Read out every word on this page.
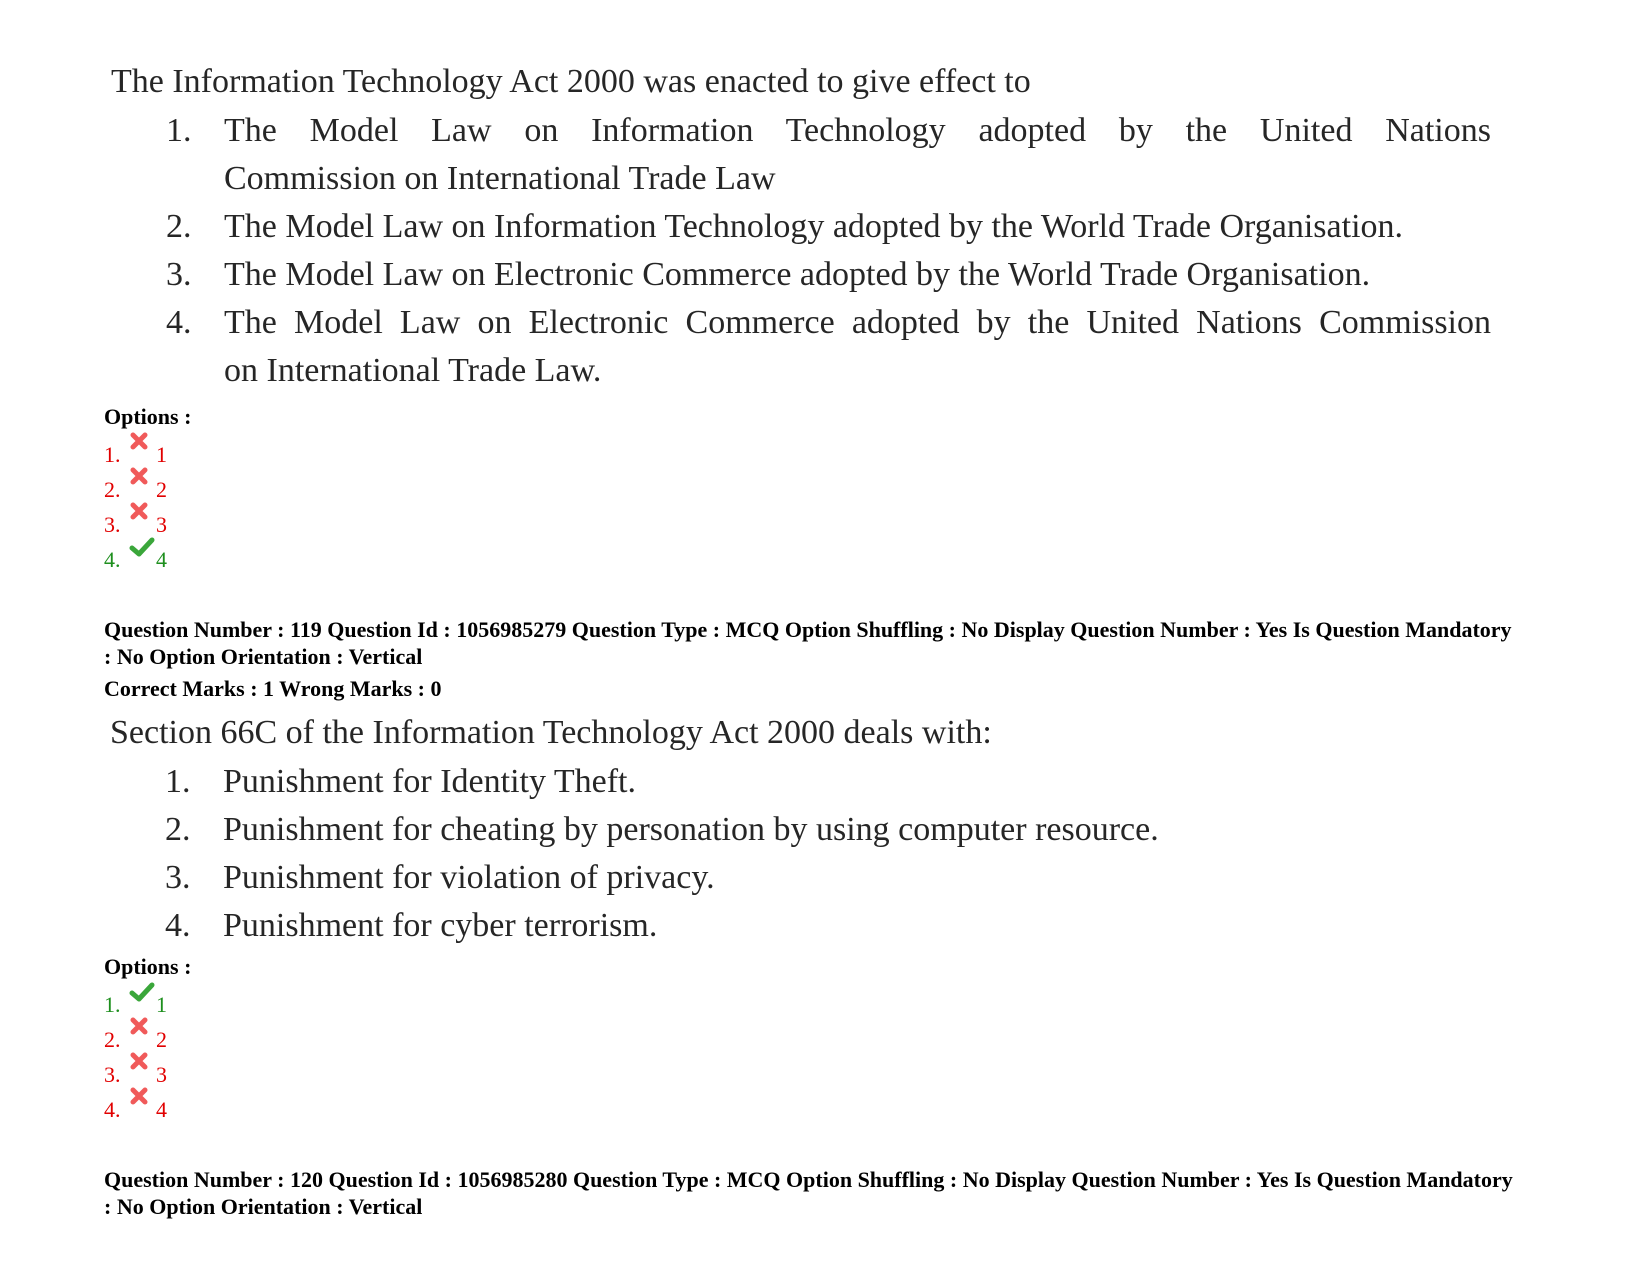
The Information Technology Act 2000 was enacted to give effect to

1. The Model Law on Information Technology adopted by the United Nations
Commission on International Trade Law
2. The Model Law on Information Technology adopted by the World Trade Organisation.
3. The Model Law on Electronic Commerce adopted by the World Trade Organisation.
4. The Model Law on Electronic Commerce adopted by the United Nations Commission
on International Trade Law.
Options :
1.	1
2.	2
3.	3
4.	4
Question Number : 119 Question Id : 1056985279 Question Type : MCQ Option Shuffling : No Display Question Number : Yes Is Question Mandatory : No Option Orientation : Vertical
Correct Marks : 1 Wrong Marks : 0

Section 66C of the Information Technology Act 2000 deals with:

1. Punishment for Identity Theft.
2. Punishment for cheating by personation by using computer resource.
3. Punishment for violation of privacy.
4. Punishment for cyber terrorism.
Options :
1.	1
2.	2
3.	3
4.	4
Question Number : 120 Question Id : 1056985280 Question Type : MCQ Option Shuffling : No Display Question Number : Yes Is Question Mandatory : No Option Orientation : Vertical
